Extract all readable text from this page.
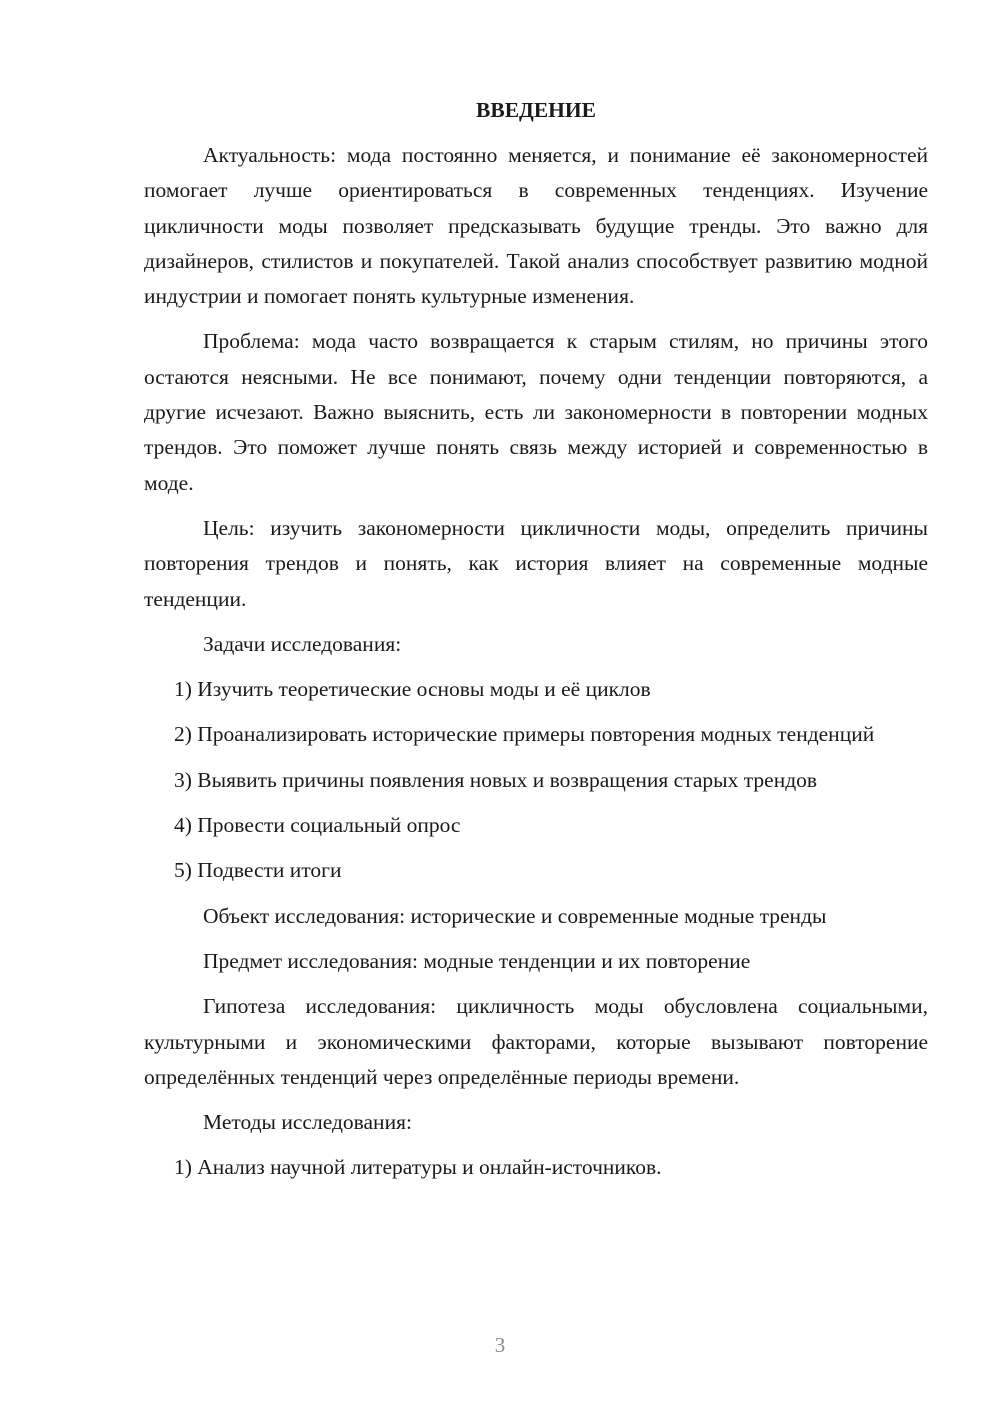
ВВЕДЕНИЕ

Актуальность: мода постоянно меняется, и понимание её закономерностей помогает лучше ориентироваться в современных тенденциях. Изучение цикличности моды позволяет предсказывать будущие тренды. Это важно для дизайнеров, стилистов и покупателей. Такой анализ способствует развитию модной индустрии и помогает понять культурные изменения.

Проблема: мода часто возвращается к старым стилям, но причины этого остаются неясными. Не все понимают, почему одни тенденции повторяются, а другие исчезают. Важно выяснить, есть ли закономерности в повторении модных трендов. Это поможет лучше понять связь между историей и современностью в моде.

Цель: изучить закономерности цикличности моды, определить причины повторения трендов и понять, как история влияет на современные модные тенденции.

Задачи исследования:

1) Изучить теоретические основы моды и её циклов

2) Проанализировать исторические примеры повторения модных тенденций

3) Выявить причины появления новых и возвращения старых трендов

4) Провести социальный опрос

5) Подвести итоги

Объект исследования: исторические и современные модные тренды

Предмет исследования: модные тенденции и их повторение

Гипотеза исследования: цикличность моды обусловлена социальными, культурными и экономическими факторами, которые вызывают повторение определённых тенденций через определённые периоды времени.

Методы исследования:

1) Анализ научной литературы и онлайн-источников.

3
